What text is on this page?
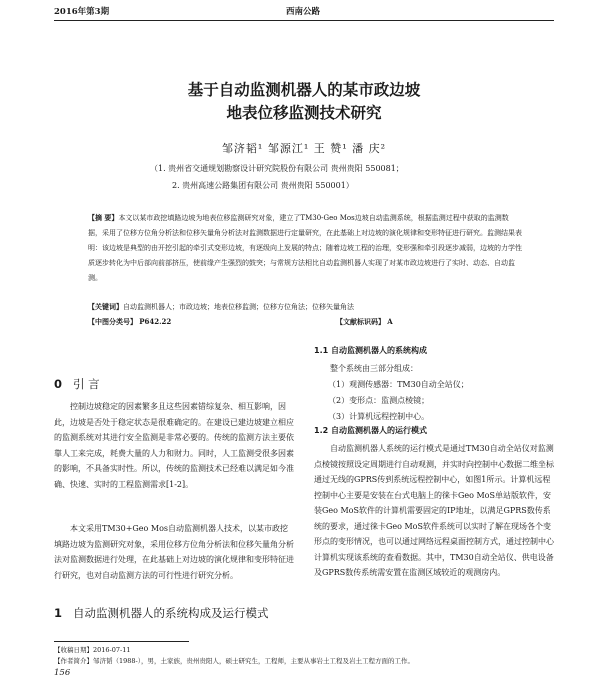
2016年第3期	西南公路
基于自动监测机器人的某市政边坡
地表位移监测技术研究
邹济韬¹ 邹源江¹ 王 赞¹ 潘 庆²
（1. 贵州省交通规划勘察设计研究院股份有限公司 贵州贵阳 550081；
2. 贵州高速公路集团有限公司 贵州贵阳 550001）
【摘 要】本文以某市政挖填路边坡为地表位移监测研究对象，建立了TM30-Geo Mos边坡自动监测系统，根据监测过程中获取的监测数据，采用了位移方位角分析法和位移矢量角分析法对监测数据进行定量研究，在此基础上对边坡的演化规律和变形特征进行研究。监测结果表明：该边坡是典型的由开挖引起的牵引式变形边坡，有逐级向上发展的特点；随着边坡工程的治理，变形强和牵引段逐步减弱，边坡的力学性质逐步转化为中后部向前部挤压，使前缘产生强烈的鼓突；与常规方法相比自动监测机器人实现了对某市政边坡进行了实时、动态、自动监测。
【关键词】自动监测机器人；市政边坡；地表位移监测；位移方位角法；位移矢量角法
【中图分类号】 P642.22	【文献标识码】 A
0 引 言
控制边坡稳定的因素繁多且这些因素错综复杂、相互影响，因此，边坡是否处于稳定状态是很难确定的。在建设已建边坡建立相应的监测系统对其进行安全监测是非常必要的。传统的监测方法主要依靠人工来完成，耗费大量的人力和财力。同时，人工监测受很多因素的影响，不具备实时性。所以，传统的监测技术已经难以满足如今准确、快速、实时的工程监测需求[1-2]。
本文采用TM30+Geo Mos自动监测机器人技术，以某市政挖填路边坡为监测研究对象，采用位移方位角分析法和位移矢量角分析法对监测数据进行处理，在此基础上对边坡的演化规律和变形特征进行研究，也对自动监测方法的可行性进行研究分析。
1 自动监测机器人的系统构成及运行模式
1.1 自动监测机器人的系统构成
整个系统由三部分组成：
（1）观测传感器：TM30自动全站仪；
（2）变形点：监测点棱镜；
（3）计算机远程控制中心。
1.2 自动监测机器人的运行模式
自动监测机器人系统的运行模式是通过TM30自动全站仪对监测点棱镜按照设定周期进行自动观测，并实时向控制中心数据二维坐标通过无线的GPRS传到系统远程控制中心，如图1所示。计算机远程控制中心主要是安装在台式电脑上的徕卡Geo MoS单站版软件，安装Geo MoS软件的计算机需要固定的IP地址，以满足GPRS数传系统的要求，通过徕卡Geo MoS软件系统可以实时了解在现场各个变形点的变形情况，也可以通过网络远程桌面控制方式，通过控制中心计算机实现该系统的查看数据。其中，TM30自动全站仪、供电设备及GPRS数传系统需安置在监测区域较近的观测房内。
【收稿日期】2016-07-11
【作者简介】邹济韬（1988-），男，土家族，贵州贵阳人，硕士研究生，工程师，主要从事岩土工程及岩土工程方面的工作。
156
